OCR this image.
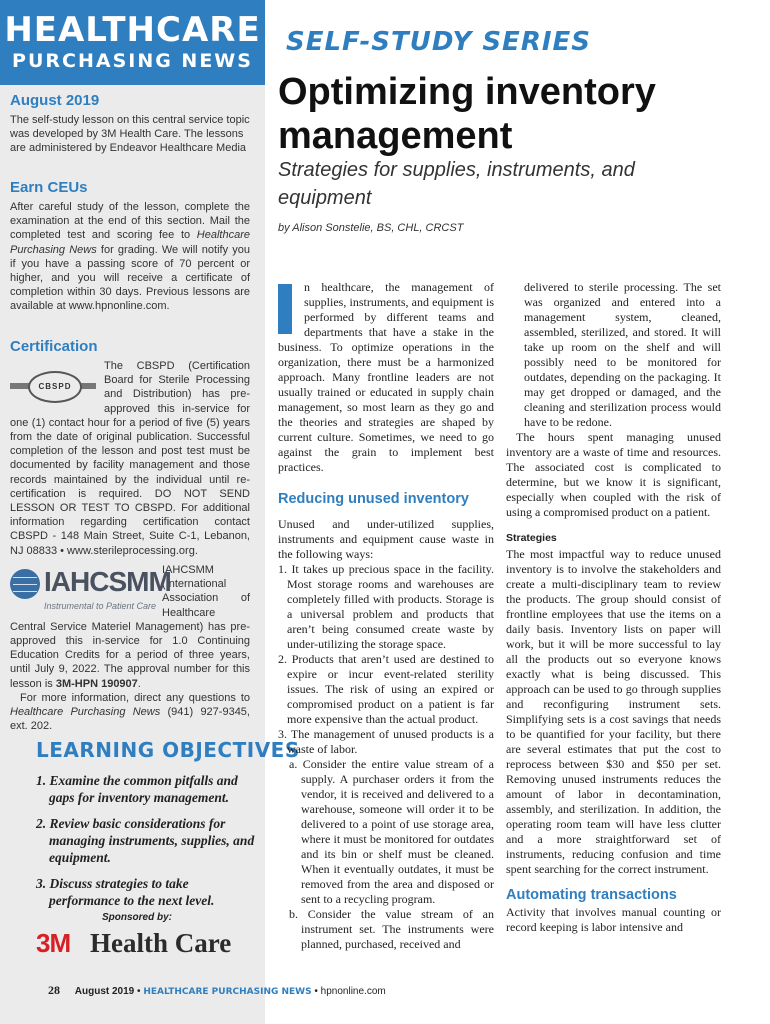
HEALTHCARE
PURCHASING NEWS
August 2019
The self-study lesson on this central service topic was developed by 3M Health Care. The lessons are administered by Endeavor Healthcare Media
Earn CEUs
After careful study of the lesson, complete the examination at the end of this section. Mail the completed test and scoring fee to Healthcare Purchasing News for grading. We will notify you if you have a passing score of 70 percent or higher, and you will receive a certificate of completion within 30 days. Previous lessons are available at www.hpnonline.com.
Certification
CBSPD
The CBSPD (Certification Board for Sterile Processing and Distribution) has pre-approved this in-service for one (1) contact hour for a period of five (5) years from the date of original publication. Successful completion of the lesson and post test must be documented by facility management and those records maintained by the individual until re-certification is required. DO NOT SEND LESSON OR TEST TO CBSPD. For additional information regarding certification contact CBSPD - 148 Main Street, Suite C-1, Lebanon, NJ 08833 • www.sterileprocessing.org.
IAHCSMM
Instrumental to Patient Care
IAHCSMM (International Association of Healthcare Central Service Materiel Management) has pre-approved this in-service for 1.0 Continuing Education Credits for a period of three years, until July 9, 2022. The approval number for this lesson is 3M-HPN 190907.
For more information, direct any questions to Healthcare Purchasing News (941) 927-9345, ext. 202.
LEARNING OBJECTIVES
1. Examine the common pitfalls and gaps for inventory management.
2. Review basic considerations for managing instruments, supplies, and equipment.
3. Discuss strategies to take performance to the next level.
Sponsored by:
3M Health Care
SELF-STUDY SERIES
Optimizing inventory management
Strategies for supplies, instruments, and equipment
by Alison Sonstelie, BS, CHL, CRCST

n healthcare, the management of supplies, instruments, and equipment is performed by different teams and departments that have a stake in the business. To optimize operations in the organization, there must be a harmonized approach. Many frontline leaders are not usually trained or educated in supply chain management, so most learn as they go and the theories and strategies are shaped by current culture. Sometimes, we need to go against the grain to implement best practices.

Reducing unused inventory

Unused and under-utilized supplies, instruments and equipment cause waste in the following ways:

1. It takes up precious space in the facility. Most storage rooms and warehouses are completely filled with products. Storage is a universal problem and products that aren’t being consumed create waste by under-utilizing the storage space.

2. Products that aren’t used are destined to expire or incur event-related sterility issues. The risk of using an expired or compromised product on a patient is far more expensive than the actual product.

3. The management of unused products is a waste of labor.

a. Consider the entire value stream of a supply. A purchaser orders it from the vendor, it is received and delivered to a warehouse, someone will order it to be delivered to a point of use storage area, where it must be monitored for outdates and its bin or shelf must be cleaned. When it eventually outdates, it must be removed from the area and disposed or sent to a recycling program.

b. Consider the value stream of an instrument set. The instruments were planned, purchased, received and

delivered to sterile processing. The set was organized and entered into a management system, cleaned, assembled, sterilized, and stored. It will take up room on the shelf and will possibly need to be monitored for outdates, depending on the packaging. It may get dropped or damaged, and the cleaning and sterilization process would have to be redone.

The hours spent managing unused inventory are a waste of time and resources. The associated cost is complicated to determine, but we know it is significant, especially when coupled with the risk of using a compromised product on a patient.

Strategies

The most impactful way to reduce unused inventory is to involve the stakeholders and create a multi-disciplinary team to review the products. The group should consist of frontline employees that use the items on a daily basis. Inventory lists on paper will work, but it will be more successful to lay all the products out so everyone knows exactly what is being discussed. This approach can be used to go through supplies and reconfiguring instrument sets. Simplifying sets is a cost savings that needs to be quantified for your facility, but there are several estimates that put the cost to reprocess between $30 and $50 per set. Removing unused instruments reduces the amount of labor in decontamination, assembly, and sterilization. In addition, the operating room team will have less clutter and a more straightforward set of instruments, reducing confusion and time spent searching for the correct instrument.

Automating transactions

Activity that involves manual counting or record keeping is labor intensive and

28 August 2019 • HEALTHCARE PURCHASING NEWS • hpnonline.com
